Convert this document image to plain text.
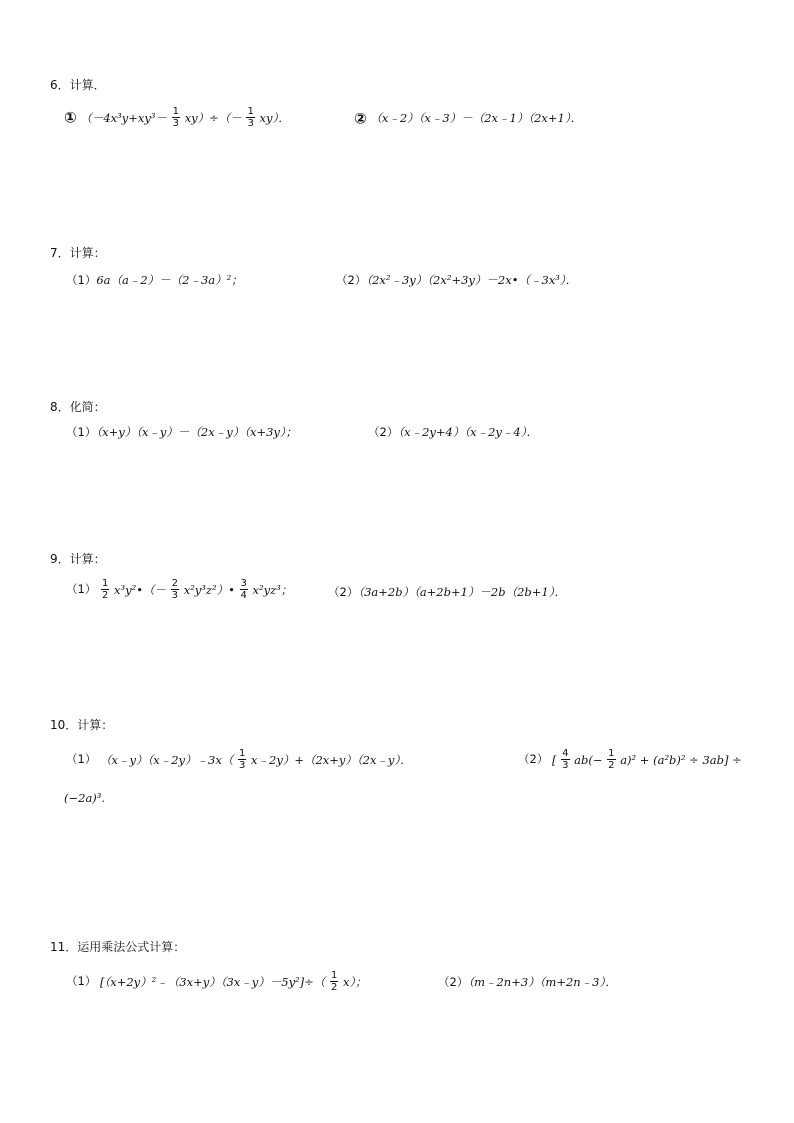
6．计算．
① $(-4x^3y+xy^3- \frac{1}{3} xy)\div(- \frac{1}{3} xy)$．	② （x﹣2）（x﹣3）－（2x﹣1）（2x+1）．
7．计算：
（1）6a（a﹣2）－（2﹣3a）²；	（2）（2x²﹣3y）（2x²+3y）－2x•（﹣3x³）．
8．化简：
（1）（x+y）（x﹣y）－（2x﹣y）（x+3y）；	（2）（x﹣2y+4）（x﹣2y﹣4）．
9．计算：
$(1) \frac{1}{2}$ x³y²•（－ $\frac{2}{3}$ x²y³z²）• $\frac{3}{4} x^2yz^3$；	（2）（3a+2b）（a+2b+1）－2b（2b+1）．
10．计算：
（1） （x﹣y）（x﹣2y）﹣3x（ $\frac{1}{3}$ x﹣2y）+（2x+y）（2x﹣y）．	（2） [ $\frac{4}{3} ab(- \frac{1}{2} a)^2 + (a^2b)^2 \div 3ab$] ÷
(−2a)³.
11．运用乘法公式计算：
（1） [（x+2y）²﹣（3x+y）（3x﹣y）－5y²]÷（ $\frac{1}{2} x$）；	（2）（m﹣2n+3）（m+2n﹣3）．
